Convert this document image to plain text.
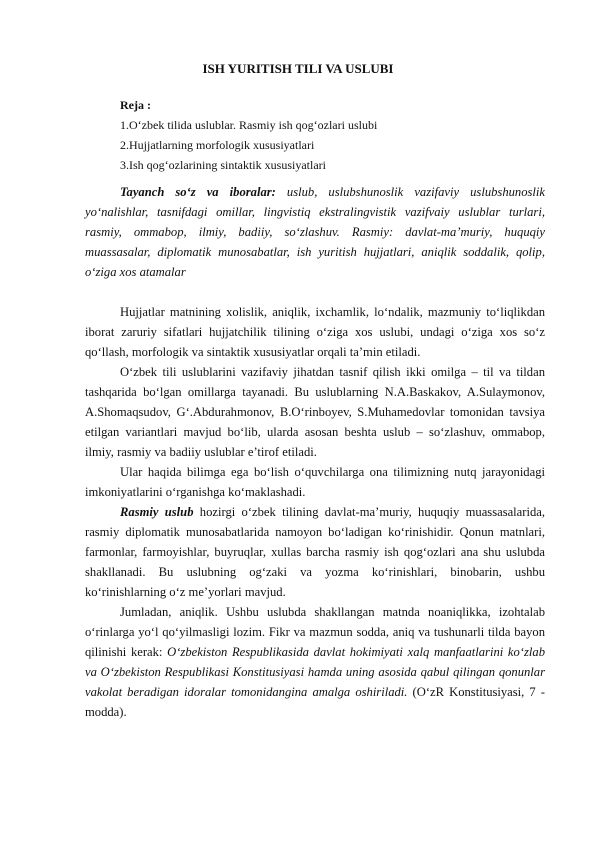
ISH YURITISH TILI VA USLUBI
Reja :
1.O‘zbek tilida uslublar. Rasmiy ish qog‘ozlari uslubi
2.Hujjatlarning morfologik xususiyatlari
3.Ish qog‘ozlarining sintaktik xususiyatlari

Tayanch so‘z va iboralar: uslub, uslubshunoslik vazifaviy uslubshunoslik yo‘nalishlar, tasnifdagi omillar, lingvistiq ekstralingvistik vazifvaiy uslublar turlari, rasmiy, ommabop, ilmiy, badiiy, so‘zlashuv. Rasmiy: davlat-ma’muriy, huquqiy muassasalar, diplomatik munosabatlar, ish yuritish hujjatlari, aniqlik soddalik, qolip, o‘ziga xos atamalar

Hujjatlar matnining xolislik, aniqlik, ixchamlik, lo‘ndalik, mazmuniy to‘liqlikdan iborat zaruriy sifatlari hujjatchilik tilining o‘ziga xos uslubi, undagi o‘ziga xos so‘z qo‘llash, morfologik va sintaktik xususiyatlar orqali ta’min etiladi.

O‘zbek tili uslublarini vazifaviy jihatdan tasnif qilish ikki omilga – til va tildan tashqarida bo‘lgan omillarga tayanadi. Bu uslublarning N.A.Baskakov, A.Sulaymonov, A.Shomaqsudov, G‘.Abdurahmonov, B.O‘rinboyev, S.Muhamedovlar tomonidan tavsiya etilgan variantlari mavjud bo‘lib, ularda asosan beshta uslub – so‘zlashuv, ommabop, ilmiy, rasmiy va badiiy uslublar e’tirof etiladi.

Ular haqida bilimga ega bo‘lish o‘quvchilarga ona tilimizning nutq jarayonidagi imkoniyatlarini o‘rganishga ko‘maklashadi.

Rasmiy uslub hozirgi o‘zbek tilining davlat-ma’muriy, huquqiy muassasalarida, rasmiy diplomatik munosabatlarida namoyon bo‘ladigan ko‘rinishidir. Qonun matnlari, farmonlar, farmoyishlar, buyruqlar, xullas barcha rasmiy ish qog‘ozlari ana shu uslubda shakllanadi. Bu uslubning og‘zaki va yozma ko‘rinishlari, binobarin, ushbu ko‘rinishlarning o‘z me’yorlari mavjud.

Jumladan, aniqlik. Ushbu uslubda shakllangan matnda noaniqlikka, izohtalab o‘rinlarga yo‘l qo‘yilmasligi lozim. Fikr va mazmun sodda, aniq va tushunarli tilda bayon qilinishi kerak: O‘zbekiston Respublikasida davlat hokimiyati xalq manfaatlarini ko‘zlab va O‘zbekiston Respublikasi Konstitusiyasi hamda uning asosida qabul qilingan qonunlar vakolat beradigan idoralar tomonidangina amalga oshiriladi. (O‘zR Konstitusiyasi, 7 - modda).
